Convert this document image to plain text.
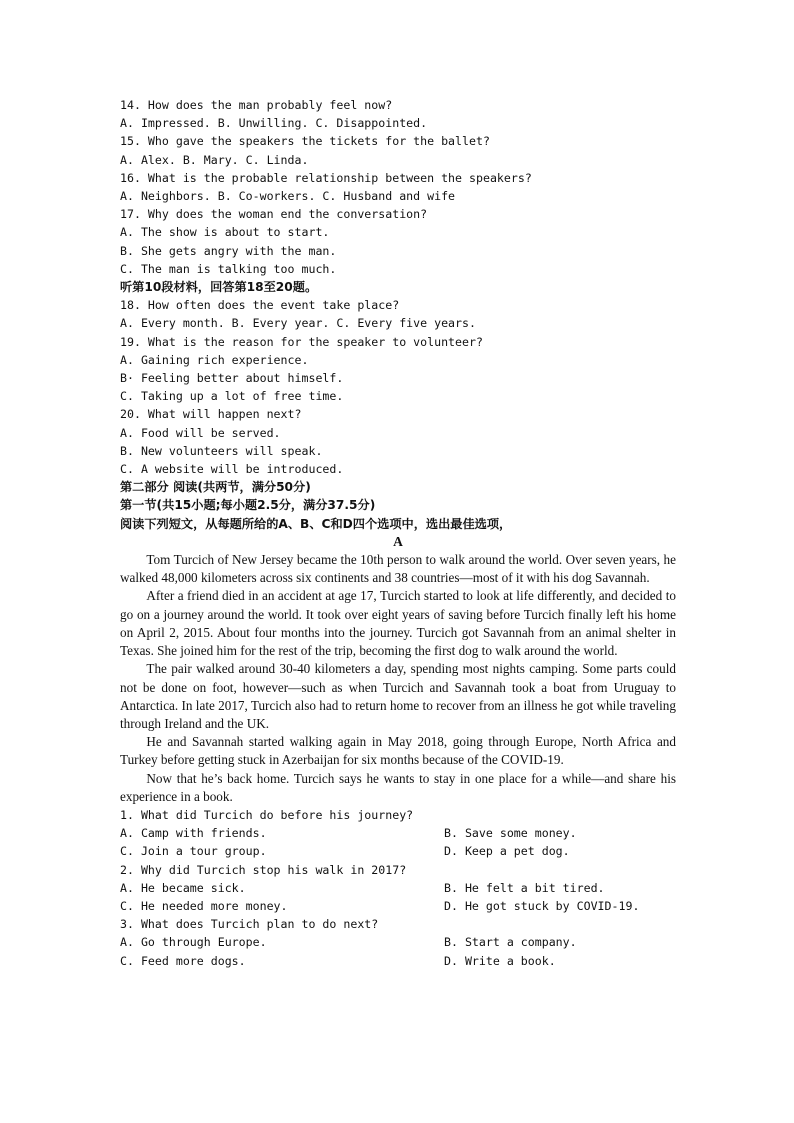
14. How does the man probably feel now?
A. Impressed. B. Unwilling. C. Disappointed.
15. Who gave the speakers the tickets for the ballet?
A. Alex. B. Mary. C. Linda.
16. What is the probable relationship between the speakers?
A. Neighbors. B. Co-workers. C. Husband and wife
17. Why does the woman end the conversation?
A. The show is about to start.
B. She gets angry with the man.
C. The man is talking too much.
听第10段材料，回答第18至20题。
18. How often does the event take place?
A. Every month. B. Every year. C. Every five years.
19. What is the reason for the speaker to volunteer?
A. Gaining rich experience.
B· Feeling better about himself.
C. Taking up a lot of free time.
20. What will happen next?
A. Food will be served.
B. New volunteers will speak.
C. A website will be introduced.
第二部分 阅读(共两节，满分50分)
第一节(共15小题;每小题2.5分，满分37.5分)
阅读下列短文，从每题所给的A、B、C和D四个选项中，选出最佳选项，
A

Tom Turcich of New Jersey became the 10th person to walk around the world. Over seven years, he walked 48,000 kilometers across six continents and 38 countries—most of it with his dog Savannah.

After a friend died in an accident at age 17, Turcich started to look at life differently, and decided to go on a journey around the world. It took over eight years of saving before Turcich finally left his home on April 2, 2015. About four months into the journey. Turcich got Savannah from an animal shelter in Texas. She joined him for the rest of the trip, becoming the first dog to walk around the world.

The pair walked around 30-40 kilometers a day, spending most nights camping. Some parts could not be done on foot, however—such as when Turcich and Savannah took a boat from Uruguay to Antarctica. In late 2017, Turcich also had to return home to recover from an illness he got while traveling through Ireland and the UK.

He and Savannah started walking again in May 2018, going through Europe, North Africa and Turkey before getting stuck in Azerbaijan for six months because of the COVID-19.

Now that he’s back home. Turcich says he wants to stay in one place for a while—and share his experience in a book.

1. What did Turcich do before his journey?
A. Camp with friends.	B. Save some money.
C. Join a tour group.	D. Keep a pet dog.
2. Why did Turcich stop his walk in 2017?
A. He became sick.	B. He felt a bit tired.
C. He needed more money.	D. He got stuck by COVID-19.
3. What does Turcich plan to do next?
A. Go through Europe.	B. Start a company.
C. Feed more dogs.	D. Write a book.
